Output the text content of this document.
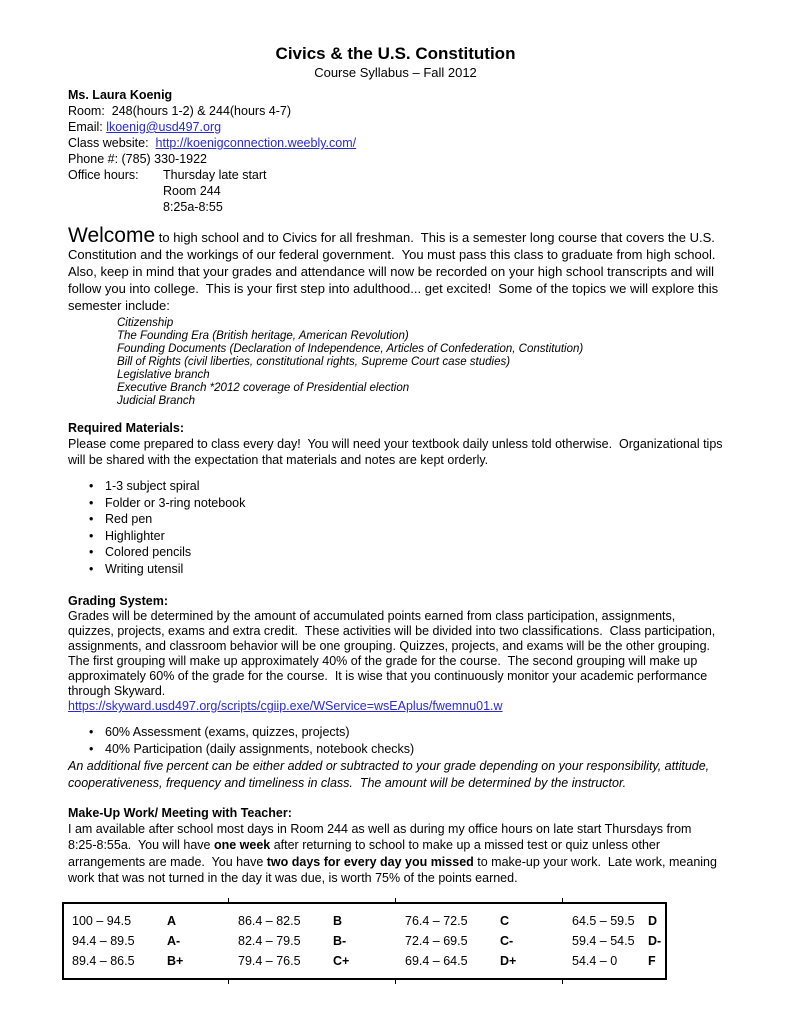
Civics & the U.S. Constitution
Course Syllabus – Fall 2012
Ms. Laura Koenig
Room:  248(hours 1-2) & 244(hours 4-7)
Email: lkoenig@usd497.org
Class website:  http://koenigconnection.weebly.com/
Phone #: (785) 330-1922
Office hours:	Thursday late start
Room 244
8:25a-8:55

Welcome to high school and to Civics for all freshman.  This is a semester long course that covers the U.S. Constitution and the workings of our federal government.  You must pass this class to graduate from high school.  Also, keep in mind that your grades and attendance will now be recorded on your high school transcripts and will follow you into college.  This is your first step into adulthood... get excited!  Some of the topics we will explore this semester include:

Citizenship
The Founding Era (British heritage, American Revolution)
Founding Documents (Declaration of Independence, Articles of Confederation, Constitution)
Bill of Rights (civil liberties, constitutional rights, Supreme Court case studies)
Legislative branch
Executive Branch *2012 coverage of Presidential election
Judicial Branch
Required Materials:

Please come prepared to class every day!  You will need your textbook daily unless told otherwise.  Organizational tips will be shared with the expectation that materials and notes are kept orderly.

• 1-3 subject spiral
• Folder or 3-ring notebook
• Red pen
• Highlighter
• Colored pencils
• Writing utensil
Grading System:

Grades will be determined by the amount of accumulated points earned from class participation, assignments, quizzes, projects, exams and extra credit.  These activities will be divided into two classifications.  Class participation, assignments, and classroom behavior will be one grouping. Quizzes, projects, and exams will be the other grouping.  The first grouping will make up approximately 40% of the grade for the course.  The second grouping will make up approximately 60% of the grade for the course.  It is wise that you continuously monitor your academic performance through Skyward.

https://skyward.usd497.org/scripts/cgiip.exe/WService=wsEAplus/fwemnu01.w
• 60% Assessment (exams, quizzes, projects)
• 40% Participation (daily assignments, notebook checks)

An additional five percent can be either added or subtracted to your grade depending on your responsibility, attitude, cooperativeness, frequency and timeliness in class.  The amount will be determined by the instructor.

Make-Up Work/ Meeting with Teacher:

I am available after school most days in Room 244 as well as during my office hours on late start Thursdays from 8:25-8:55a.  You will have one week after returning to school to make up a missed test or quiz unless other arrangements are made.  You have two days for every day you missed to make-up your work.  Late work, meaning work that was not turned in the day it was due, is worth 75% of the points earned.

100 – 94.5	A	86.4 – 82.5	B	76.4 – 72.5	C	64.5 – 59.5	D
94.4 – 89.5	A-	82.4 – 79.5	B-	72.4 – 69.5	C-	59.4 – 54.5	D-
89.4 – 86.5	B+	79.4 – 76.5	C+	69.4 – 64.5	D+	54.4 – 0	F
